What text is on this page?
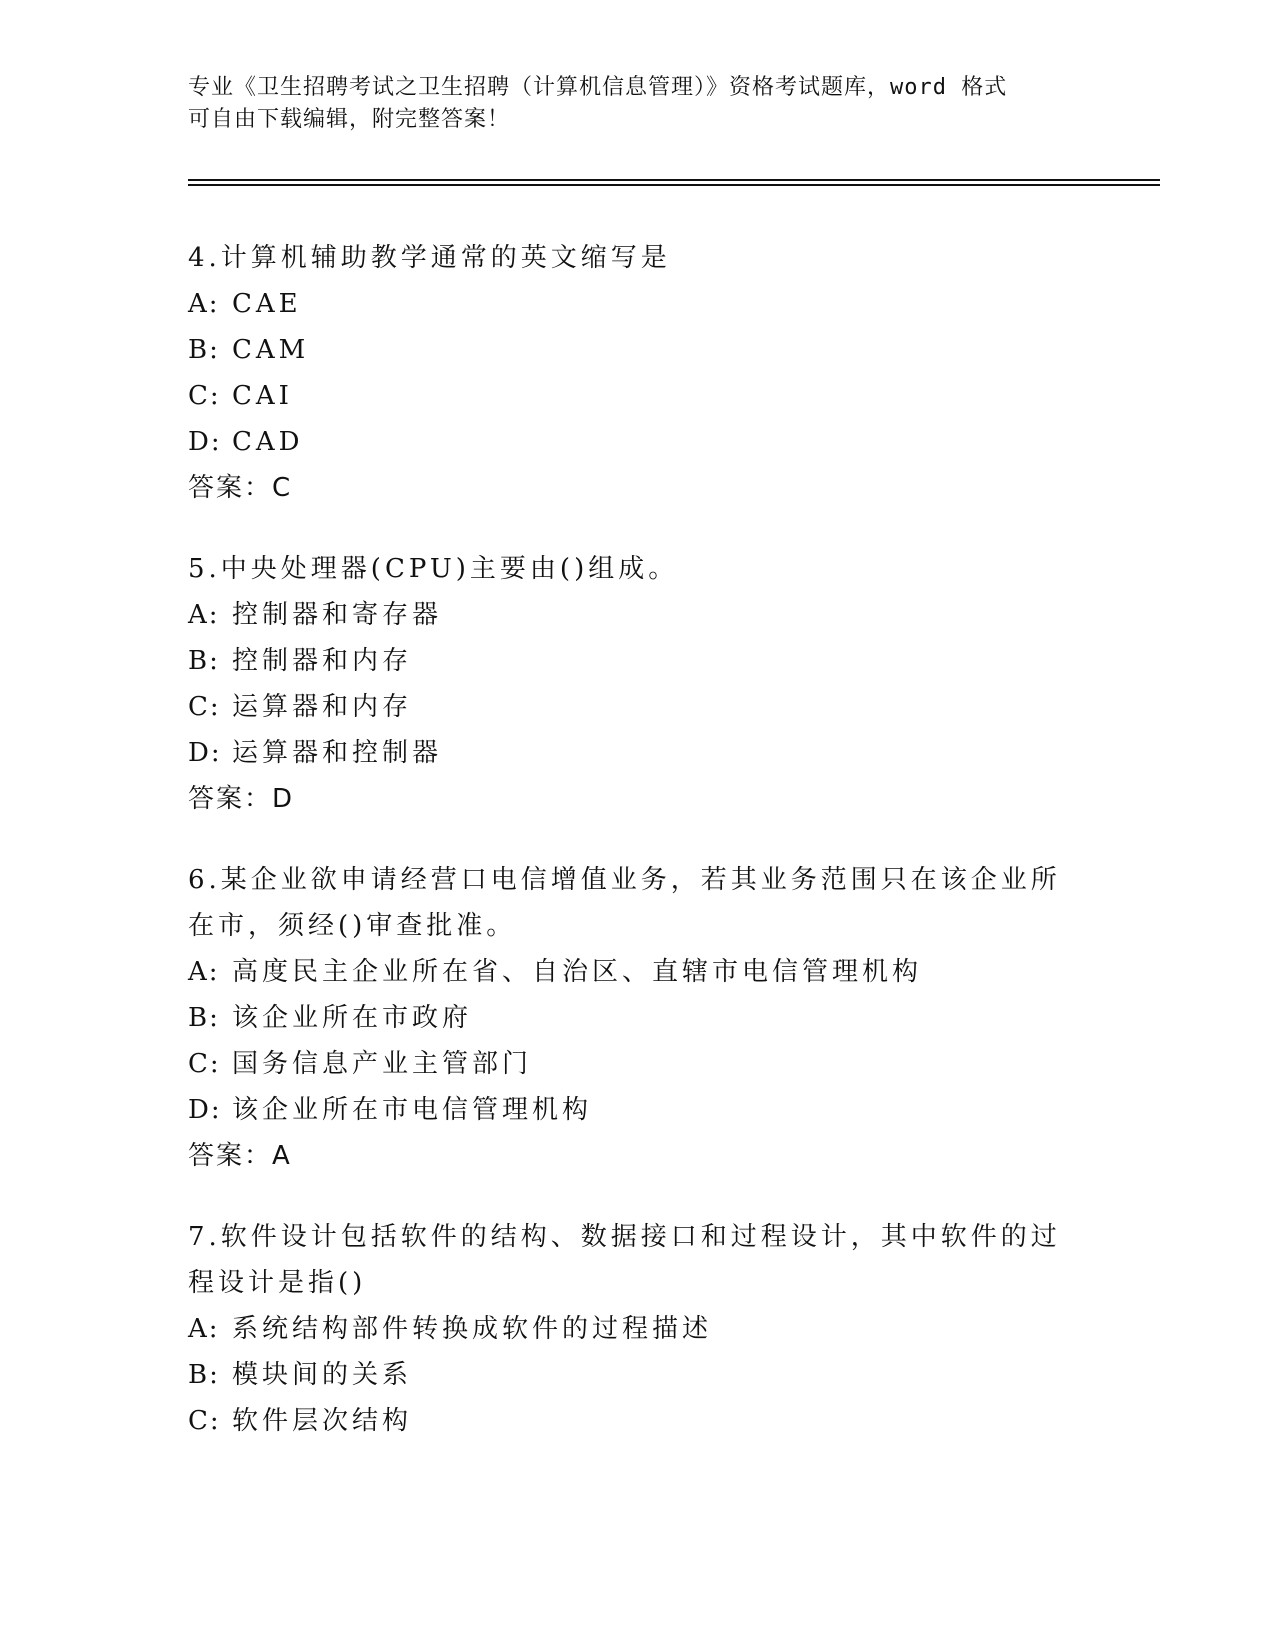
专业《卫生招聘考试之卫生招聘（计算机信息管理）》资格考试题库，word 格式
可自由下载编辑，附完整答案！
4.计算机辅助教学通常的英文缩写是
A: CAE
B: CAM
C: CAI
D: CAD
答案：C
5.中央处理器(CPU)主要由()组成。
A: 控制器和寄存器
B: 控制器和内存
C: 运算器和内存
D: 运算器和控制器
答案：D
6.某企业欲申请经营口电信增值业务，若其业务范围只在该企业所在市，须经()审查批准。
A: 高度民主企业所在省、自治区、直辖市电信管理机构
B: 该企业所在市政府
C: 国务信息产业主管部门
D: 该企业所在市电信管理机构
答案：A
7.软件设计包括软件的结构、数据接口和过程设计，其中软件的过程设计是指()
A: 系统结构部件转换成软件的过程描述
B: 模块间的关系
C: 软件层次结构
